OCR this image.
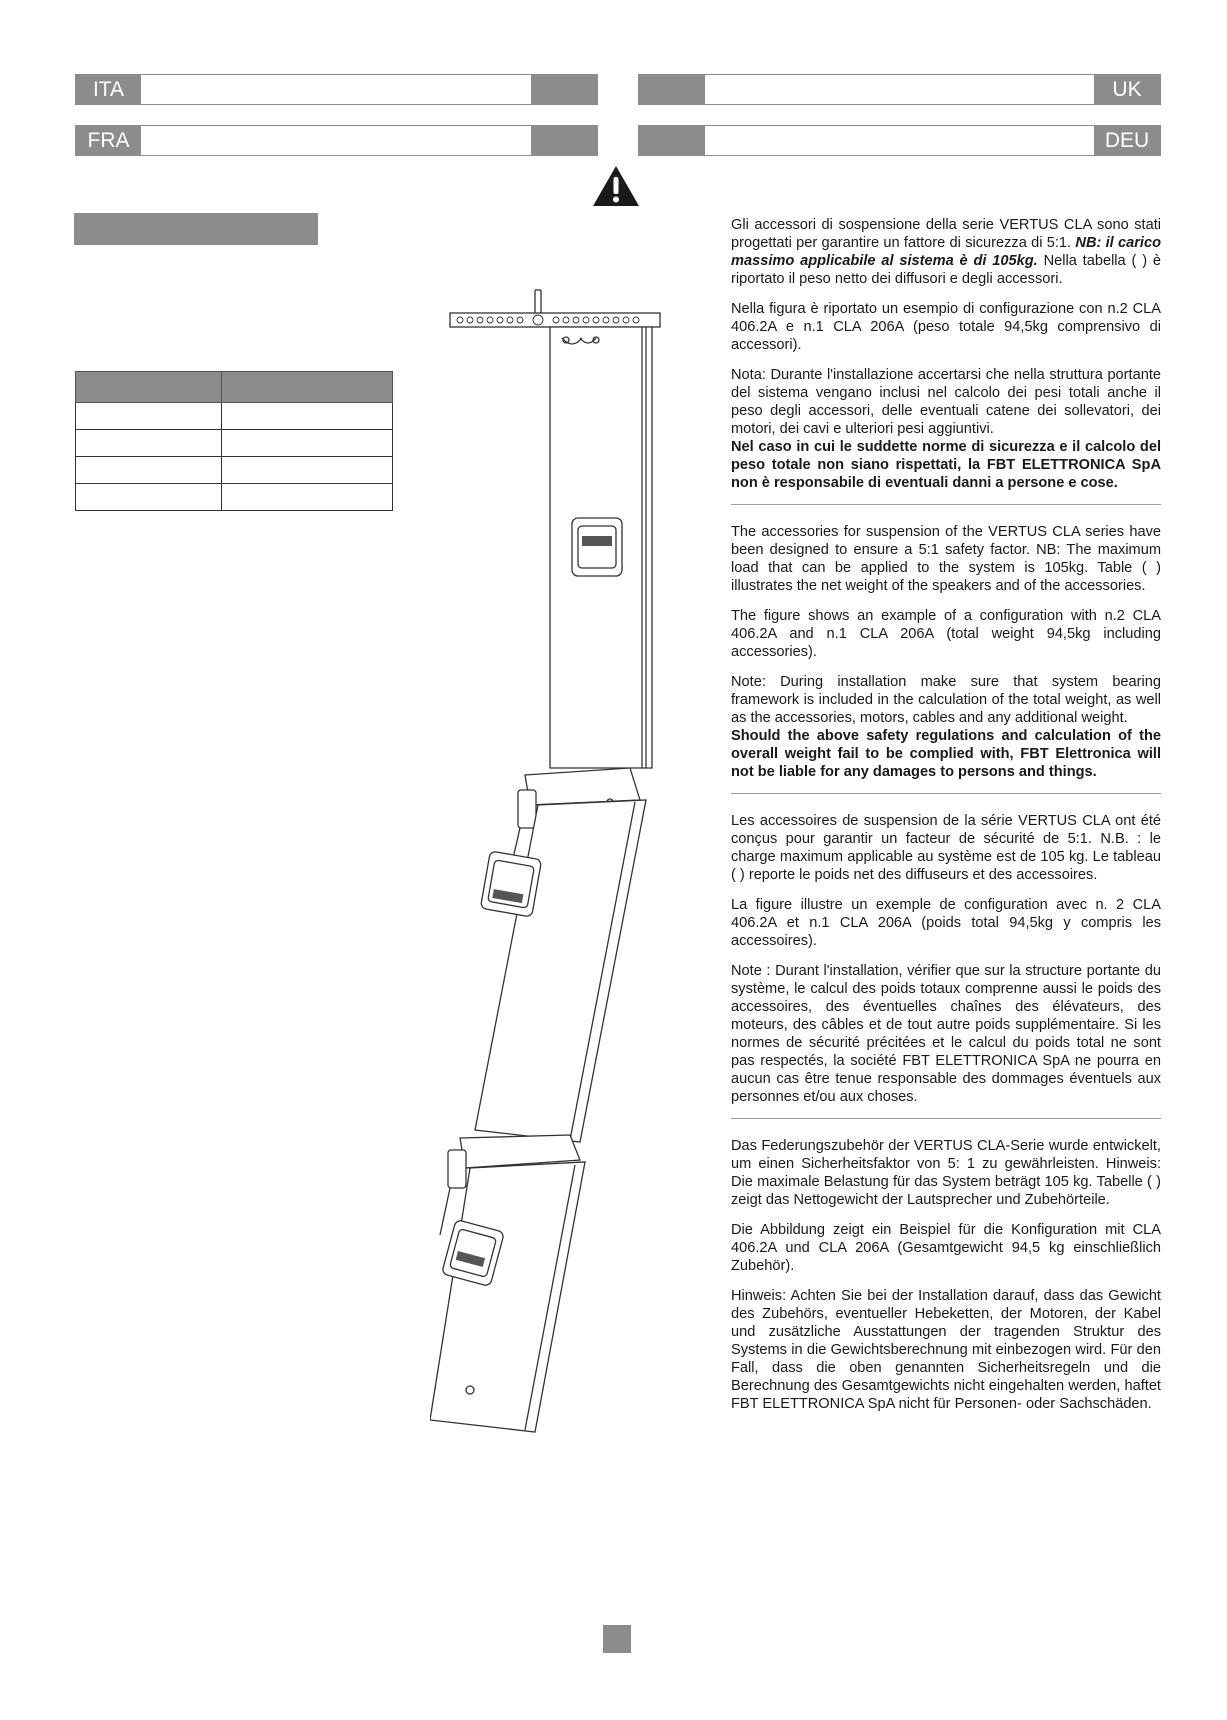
ITA	UK
FRA	DEU

Gli accessori di sospensione della serie VERTUS CLA sono stati progettati per garantire un fattore di sicurezza di 5:1. NB: il carico massimo applicabile al sistema è di 105kg. Nella tabella ( ) è riportato il peso netto dei diffusori e degli accessori.

Nella figura è riportato un esempio di configurazione con n.2 CLA 406.2A e n.1 CLA 206A (peso totale 94,5kg comprensivo di accessori).

Nota: Durante l'installazione accertarsi che nella struttura portante del sistema vengano inclusi nel calcolo dei pesi totali anche il peso degli accessori, delle eventuali catene dei sollevatori, dei motori, dei cavi e ulteriori pesi aggiuntivi.

Nel caso in cui le suddette norme di sicurezza e il calcolo del peso totale non siano rispettati, la FBT ELETTRONICA SpA non è responsabile di eventuali danni a persone e cose.

The accessories for suspension of the VERTUS CLA series have been designed to ensure a 5:1 safety factor. NB: The maximum load that can be applied to the system is 105kg. Table ( ) illustrates the net weight of the speakers and of the accessories.

The figure shows an example of a configuration with n.2 CLA 406.2A and n.1 CLA 206A (total weight 94,5kg including accessories).

Note: During installation make sure that system bearing framework is included in the calculation of the total weight, as well as the accessories, motors, cables and any additional weight.

Should the above safety regulations and calculation of the overall weight fail to be complied with, FBT Elettronica will not be liable for any damages to persons and things.

Les accessoires de suspension de la série VERTUS CLA ont été conçus pour garantir un facteur de sécurité de 5:1. N.B. : le charge maximum applicable au système est de 105 kg. Le tableau ( ) reporte le poids net des diffuseurs et des accessoires.

La figure illustre un exemple de configuration avec n. 2 CLA 406.2A et n.1 CLA 206A (poids total 94,5kg y compris les accessoires).

Note : Durant l'installation, vérifier que sur la structure portante du système, le calcul des poids totaux comprenne aussi le poids des accessoires, des éventuelles chaînes des élévateurs, des moteurs, des câbles et de tout autre poids supplémentaire. Si les normes de sécurité précitées et le calcul du poids total ne sont pas respectés, la société FBT ELETTRONICA SpA ne pourra en aucun cas être tenue responsable des dommages éventuels aux personnes et/ou aux choses.

Das Federungszubehör der VERTUS CLA-Serie wurde entwickelt, um einen Sicherheitsfaktor von 5: 1 zu gewährleisten. Hinweis: Die maximale Belastung für das System beträgt 105 kg. Tabelle ( ) zeigt das Nettogewicht der Lautsprecher und Zubehörteile.

Die Abbildung zeigt ein Beispiel für die Konfiguration mit CLA 406.2A und CLA 206A (Gesamtgewicht 94,5 kg einschließlich Zubehör).

Hinweis: Achten Sie bei der Installation darauf, dass das Gewicht des Zubehörs, eventueller Hebeketten, der Motoren, der Kabel und zusätzliche Ausstattungen der tragenden Struktur des Systems in die Gewichtsberechnung mit einbezogen wird. Für den Fall, dass die oben genannten Sicherheitsregeln und die Berechnung des Gesamtgewichts nicht eingehalten werden, haftet FBT ELETTRONICA SpA nicht für Personen- oder Sachschäden.
